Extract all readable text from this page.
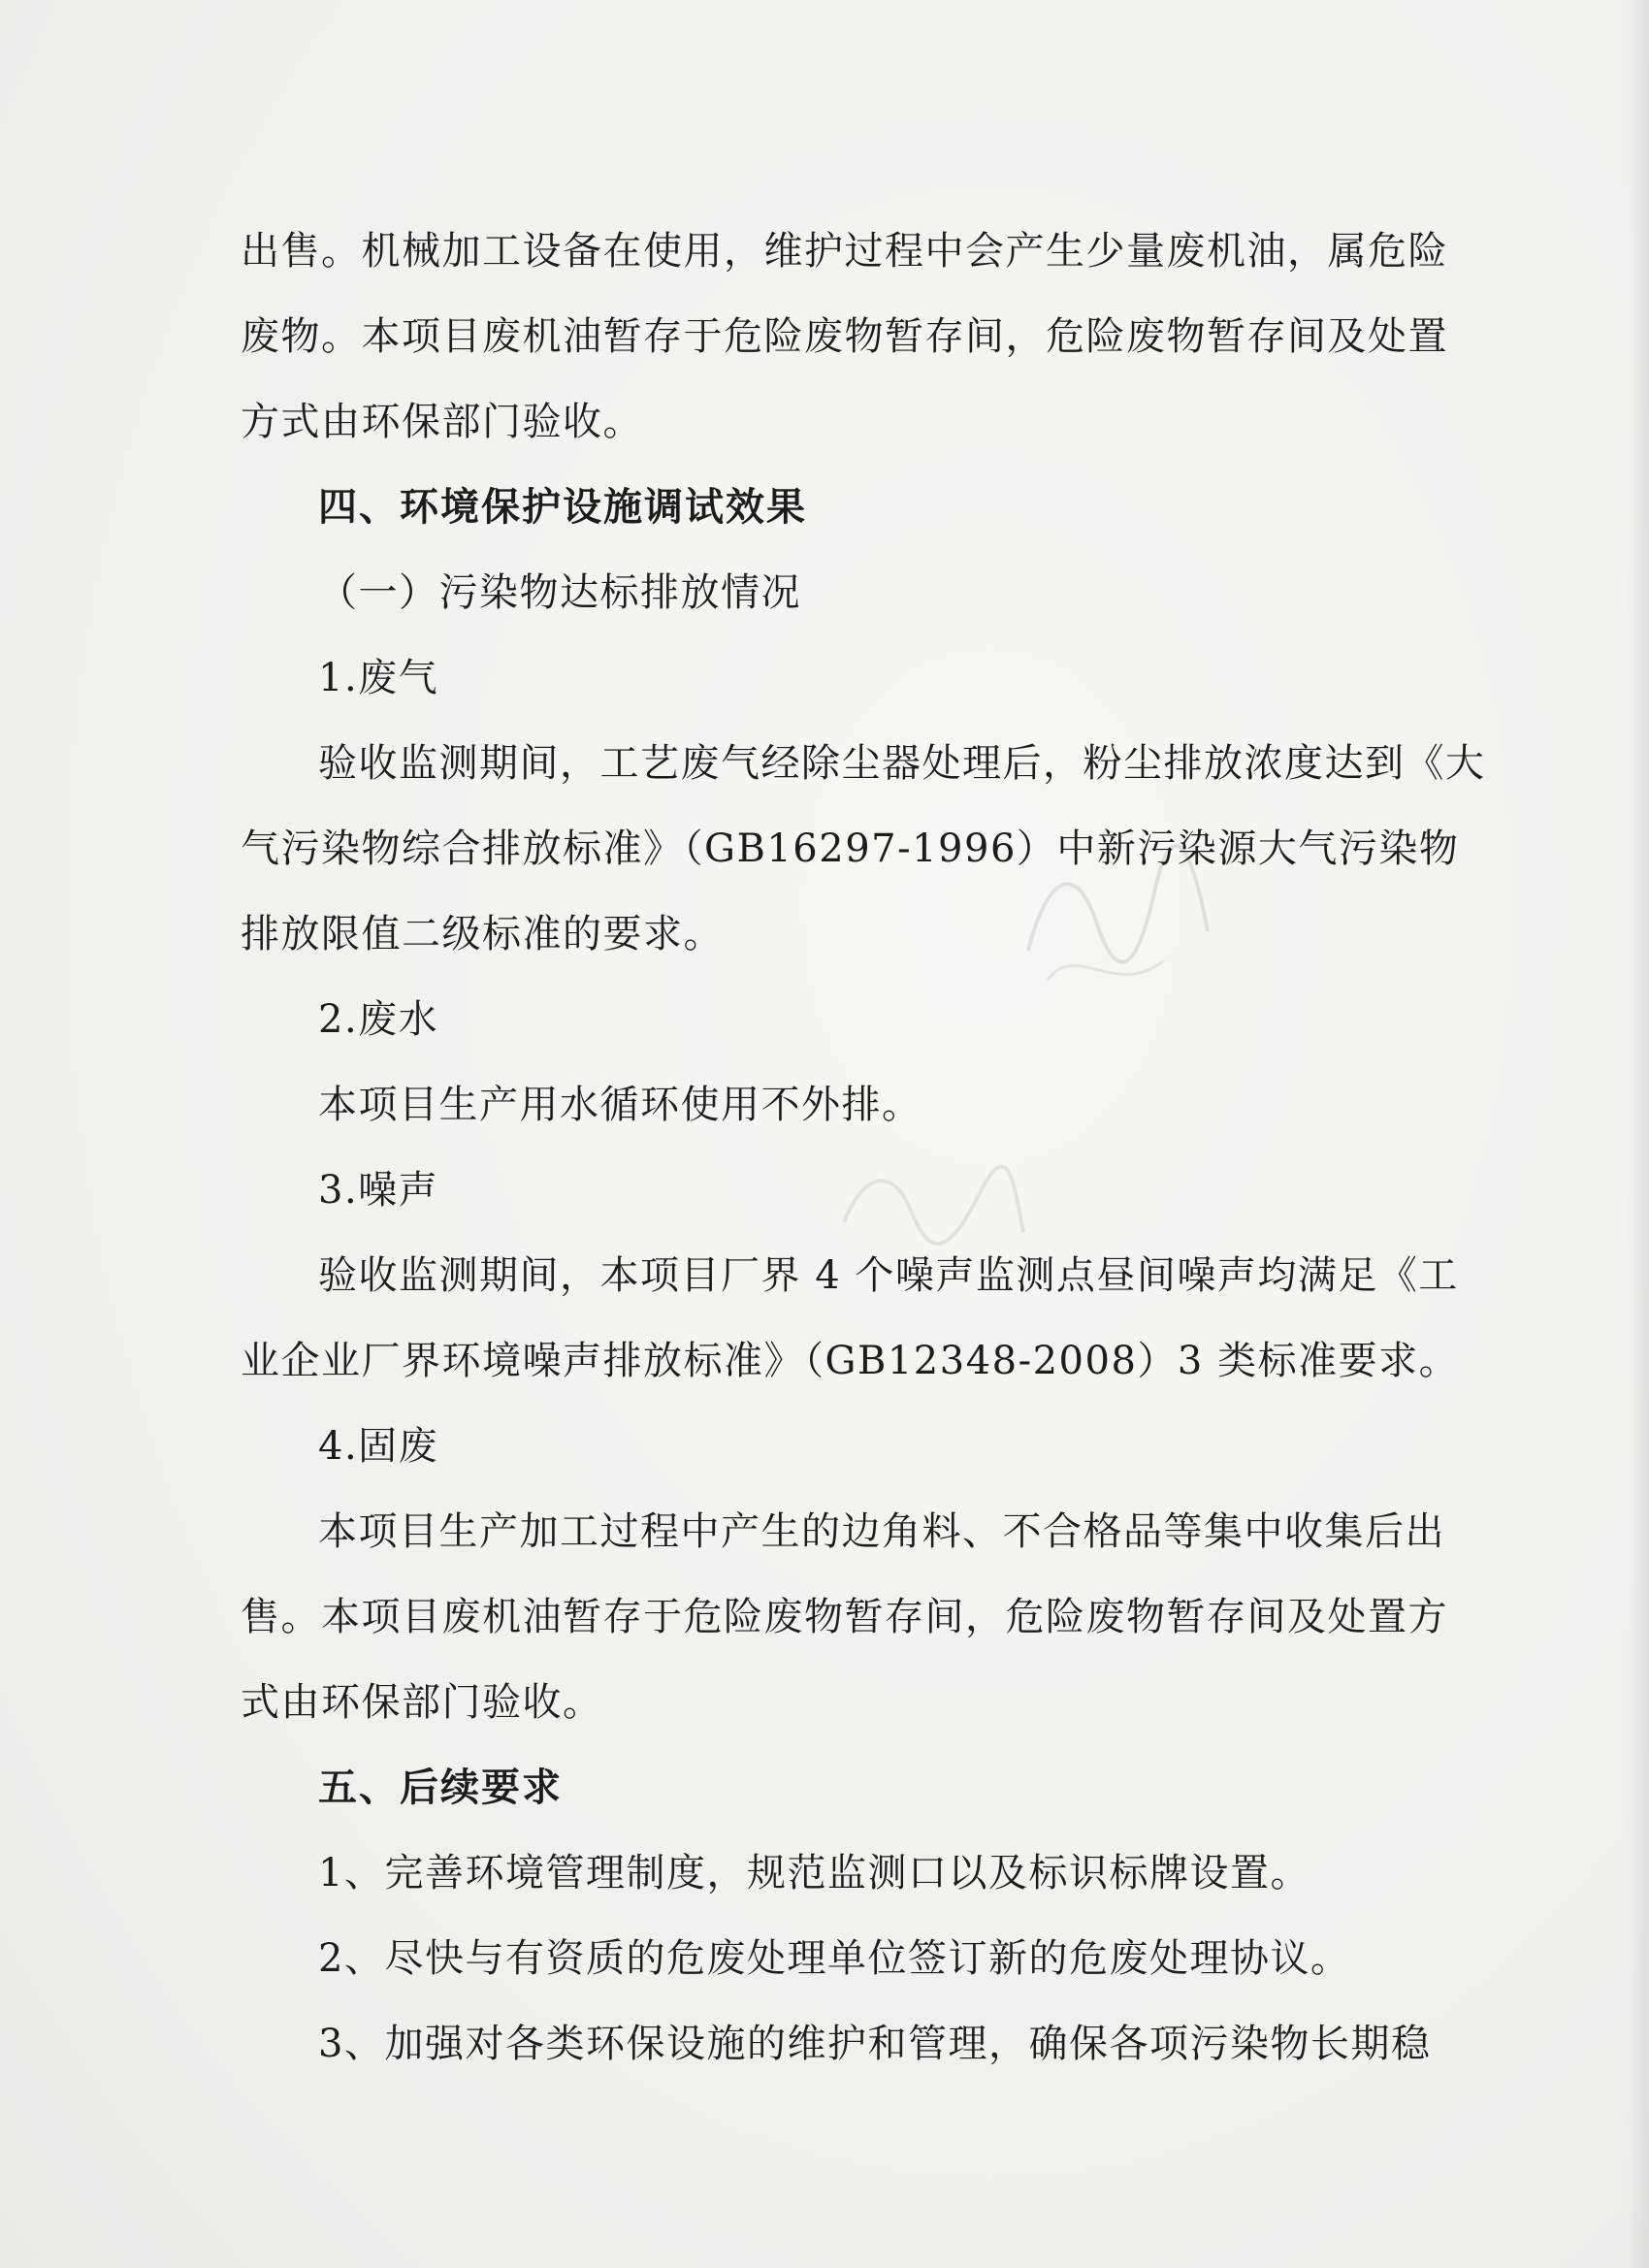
出售。机械加工设备在使用，维护过程中会产生少量废机油，属危险
废物。本项目废机油暂存于危险废物暂存间，危险废物暂存间及处置
方式由环保部门验收。

四、环境保护设施调试效果

（一）污染物达标排放情况

1.废气

验收监测期间，工艺废气经除尘器处理后，粉尘排放浓度达到《大
气污染物综合排放标准》（GB16297-1996）中新污染源大气污染物
排放限值二级标准的要求。

2.废水

本项目生产用水循环使用不外排。

3.噪声

验收监测期间，本项目厂界 4 个噪声监测点昼间噪声均满足《工
业企业厂界环境噪声排放标准》（GB12348-2008）3 类标准要求。

4.固废

本项目生产加工过程中产生的边角料、不合格品等集中收集后出
售。本项目废机油暂存于危险废物暂存间，危险废物暂存间及处置方
式由环保部门验收。

五、后续要求

1、完善环境管理制度，规范监测口以及标识标牌设置。

2、尽快与有资质的危废处理单位签订新的危废处理协议。

3、加强对各类环保设施的维护和管理，确保各项污染物长期稳
